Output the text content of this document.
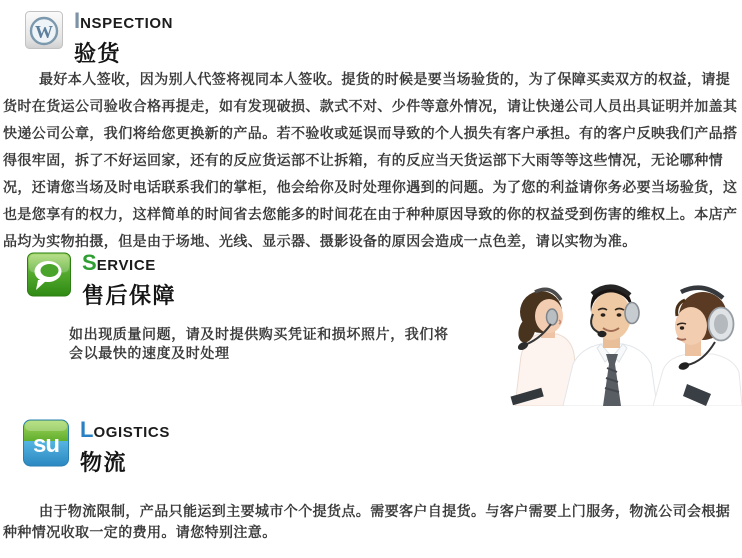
W INSPECTION
验货
最好本人签收，因为别人代签将视同本人签收。提货的时候是要当场验货的，为了保障买卖双方的权益，请提货时在货运公司验收合格再提走，如有发现破损、款式不对、少件等意外情况，请让快递公司人员出具证明并加盖其快递公司公章，我们将给您更换新的产品。若不验收或延误而导致的个人损失有客户承担。有的客户反映我们产品搭得很牢固，拆了不好运回家，还有的反应货运部不让拆箱，有的反应当天货运部下大雨等等这些情况，无论哪种情况，还请您当场及时电话联系我们的掌柜，他会给你及时处理你遇到的问题。为了您的利益请你务必要当场验货，这也是您享有的权力，这样简单的时间省去您能多的时间花在由于种种原因导致的你的权益受到伤害的维权上。本店产品均为实物拍摄，但是由于场地、光线、显示器、摄影设备的原因会造成一点色差，请以实物为准。
SERVICE
售后保障
如出现质量问题，请及时提供购买凭证和损坏照片，我们将会以最快的速度及时处理
su
LOGISTICS
物流
由于物流限制，产品只能运到主要城市个个提货点。需要客户自提货。与客户需要上门服务，物流公司会根据种种情况收取一定的费用。请您特别注意。
